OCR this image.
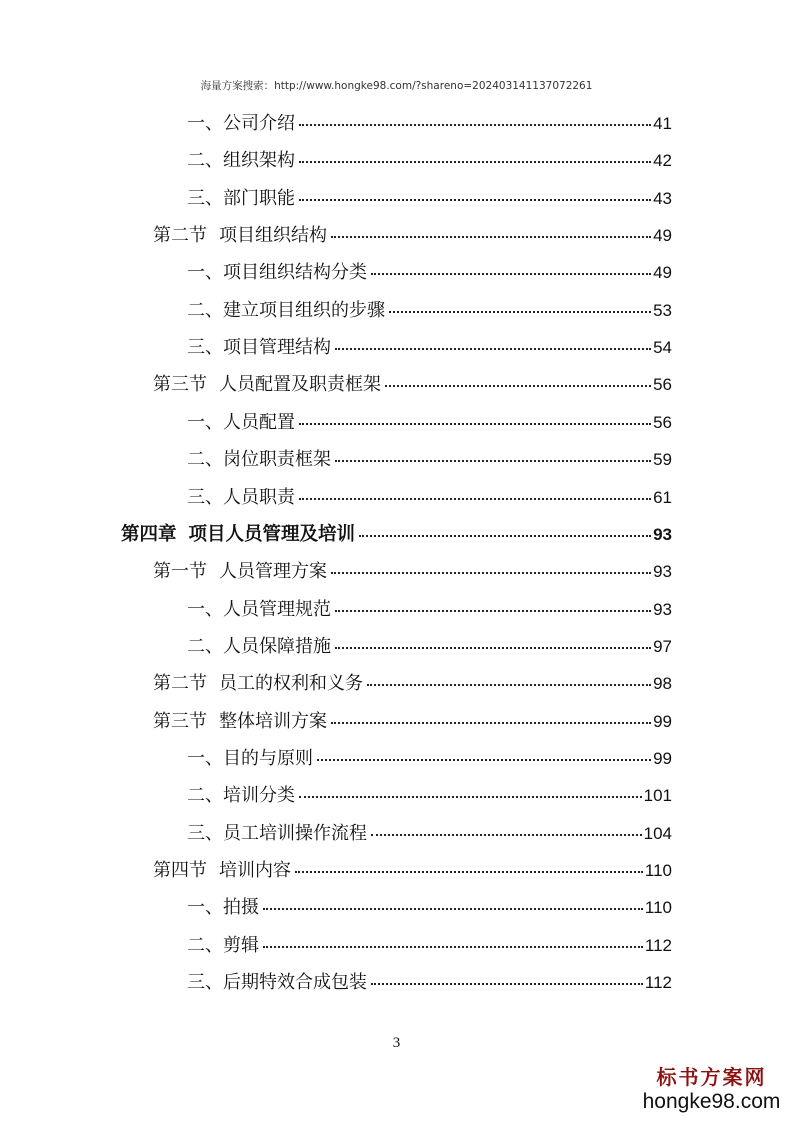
海量方案搜索：http://www.hongke98.com/?shareno=202403141137072261
一、 公司介绍	41
二、 组织架构	42
三、 部门职能	43
第二节 项目组织结构	49
一、 项目组织结构分类	49
二、 建立项目组织的步骤	53
三、 项目管理结构	54
第三节 人员配置及职责框架	56
一、 人员配置	56
二、 岗位职责框架	59
三、 人员职责	61
第四章 项目人员管理及培训	93
第一节 人员管理方案	93
一、 人员管理规范	93
二、 人员保障措施	97
第二节 员工的权利和义务	98
第三节 整体培训方案	99
一、 目的与原则	99
二、 培训分类	101
三、 员工培训操作流程	104
第四节 培训内容	110
一、 拍摄	110
二、 剪辑	112
三、 后期特效合成包装	112
3
标书方案网
hongke98.com
